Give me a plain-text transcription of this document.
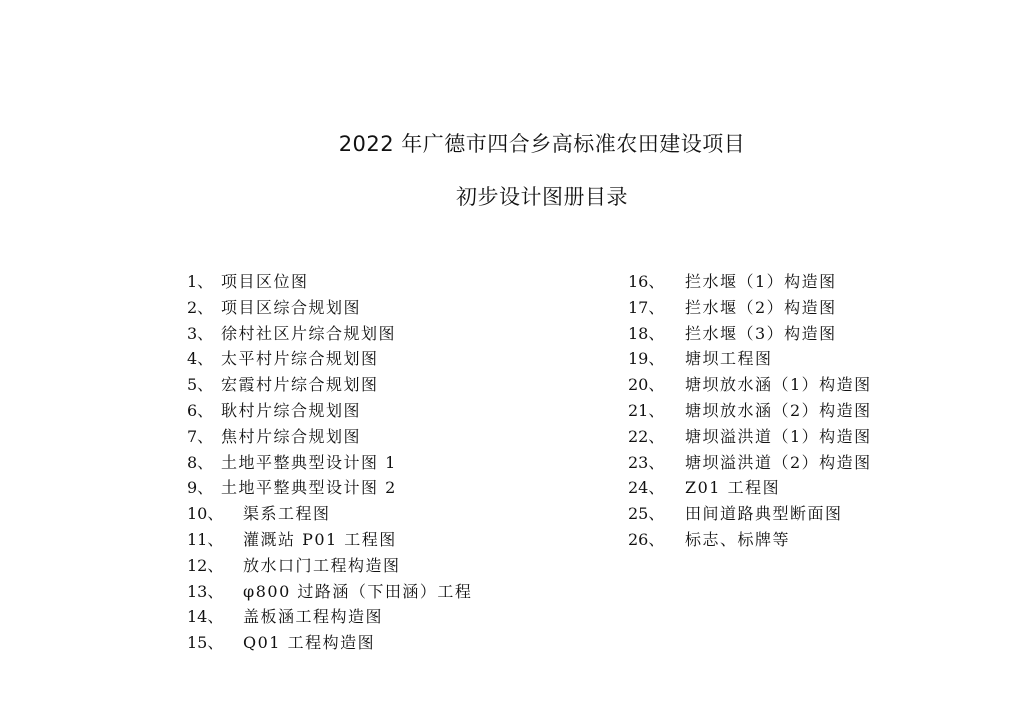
2022 年广德市四合乡高标准农田建设项目
初步设计图册目录
1、 项目区位图
2、 项目区综合规划图
3、 徐村社区片综合规划图
4、 太平村片综合规划图
5、 宏霞村片综合规划图
6、 耿村片综合规划图
7、 焦村片综合规划图
8、 土地平整典型设计图 1
9、 土地平整典型设计图 2
10、	渠系工程图
11、	灌溉站 P01 工程图
12、	放水口门工程构造图
13、	φ800 过路涵（下田涵）工程
14、	盖板涵工程构造图
15、	Q01 工程构造图
16、	拦水堰（1）构造图
17、	拦水堰（2）构造图
18、	拦水堰（3）构造图
19、	塘坝工程图
20、	塘坝放水涵（1）构造图
21、	塘坝放水涵（2）构造图
22、	塘坝溢洪道（1）构造图
23、	塘坝溢洪道（2）构造图
24、	Z01 工程图
25、	田间道路典型断面图
26、	标志、标牌等
